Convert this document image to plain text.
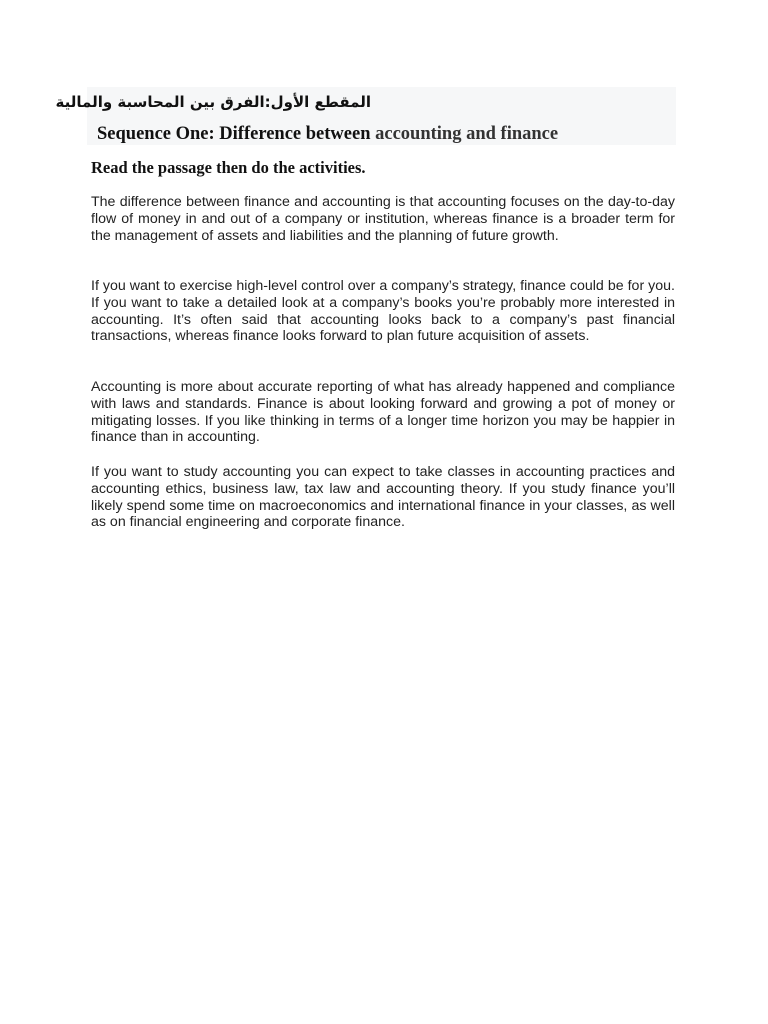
المقطع الأول:الفرق بين المحاسبة والمالية
Sequence One: Difference between accounting and finance
Read the passage then do the activities.

The difference between finance and accounting is that accounting focuses on the day-to-day flow of money in and out of a company or institution, whereas finance is a broader term for the management of assets and liabilities and the planning of future growth.

If you want to exercise high-level control over a company’s strategy, finance could be for you. If you want to take a detailed look at a company’s books you’re probably more interested in accounting. It’s often said that accounting looks back to a company’s past financial transactions, whereas finance looks forward to plan future acquisition of assets.

Accounting is more about accurate reporting of what has already happened and compliance with laws and standards. Finance is about looking forward and growing a pot of money or mitigating losses. If you like thinking in terms of a longer time horizon you may be happier in finance than in accounting.

If you want to study accounting you can expect to take classes in accounting practices and accounting ethics, business law, tax law and accounting theory. If you study finance you’ll likely spend some time on macroeconomics and international finance in your classes, as well as on financial engineering and corporate finance.
